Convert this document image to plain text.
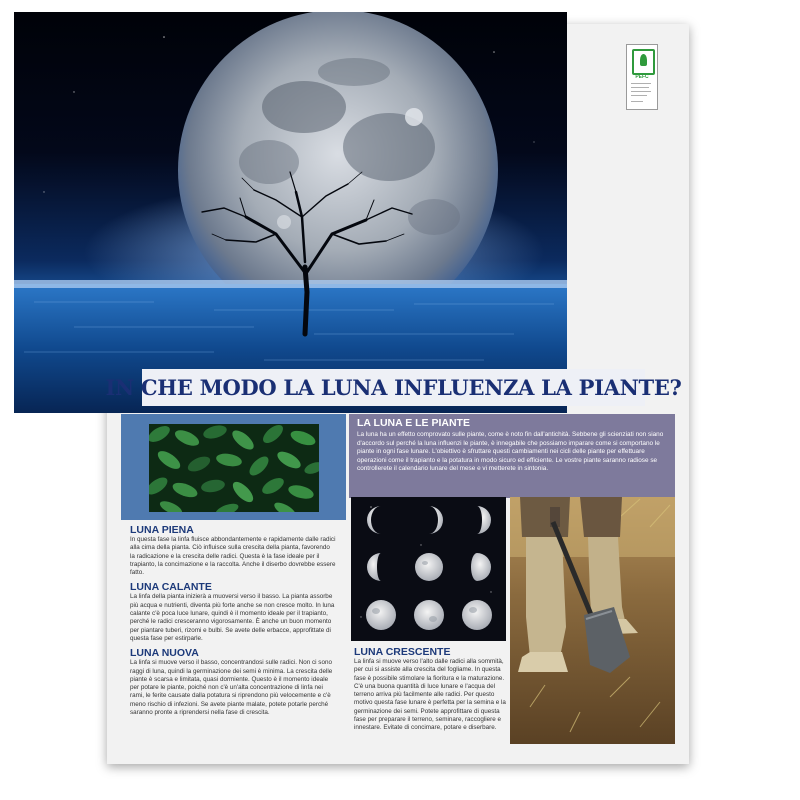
PEFC
IN CHE MODO LA LUNA INFLUENZA LA PIANTE?
LA LUNA E LE PIANTE

La luna ha un effetto comprovato sulle piante, come è noto fin dall'antichità. Sebbene gli scienziati non siano d'accordo sul perché la luna influenzi le piante, è innegabile che possiamo imparare come si comportano le piante in ogni fase lunare. L'obiettivo è sfruttare questi cambiamenti nei cicli delle piante per effettuare operazioni come il trapianto e la potatura in modo sicuro ed efficiente. Le vostre piante saranno radiose se controllerete il calendario lunare del mese e vi metterete in sintonia.

LUNA PIENA

In questa fase la linfa fluisce abbondantemente e rapidamente dalle radici alla cima della pianta. Ciò influisce sulla crescita della pianta, favorendo la radicazione e la crescita delle radici. Questa è la fase ideale per il trapianto, la concimazione e la raccolta. Anche il diserbo dovrebbe essere fatto.

LUNA CALANTE

La linfa della pianta inizierà a muoversi verso il basso. La pianta assorbe più acqua e nutrienti, diventa più forte anche se non cresce molto. In luna calante c'è poca luce lunare, quindi è il momento ideale per il trapianto, perché le radici cresceranno vigorosamente. È anche un buon momento per piantare tuberi, rizomi e bulbi. Se avete delle erbacce, approfittate di questa fase per estirparle.

LUNA NUOVA

La linfa si muove verso il basso, concentrandosi sulle radici. Non ci sono raggi di luna, quindi la germinazione dei semi è minima. La crescita delle piante è scarsa e limitata, quasi dormiente. Questo è il momento ideale per potare le piante, poiché non c'è un'alta concentrazione di linfa nei rami, le ferite causate dalla potatura si riprendono più velocemente e c'è meno rischio di infezioni. Se avete piante malate, potete potarle perché saranno pronte a riprendersi nella fase di crescita.

LUNA CRESCENTE

La linfa si muove verso l'alto dalle radici alla sommità, per cui si assiste alla crescita del fogliame. In questa fase è possibile stimolare la fioritura e la maturazione. C'è una buona quantità di luce lunare e l'acqua del terreno arriva più facilmente alle radici. Per questo motivo questa fase lunare è perfetta per la semina e la germinazione dei semi. Potete approfittare di questa fase per preparare il terreno, seminare, raccogliere e innestare. Evitate di concimare, potare e diserbare.
